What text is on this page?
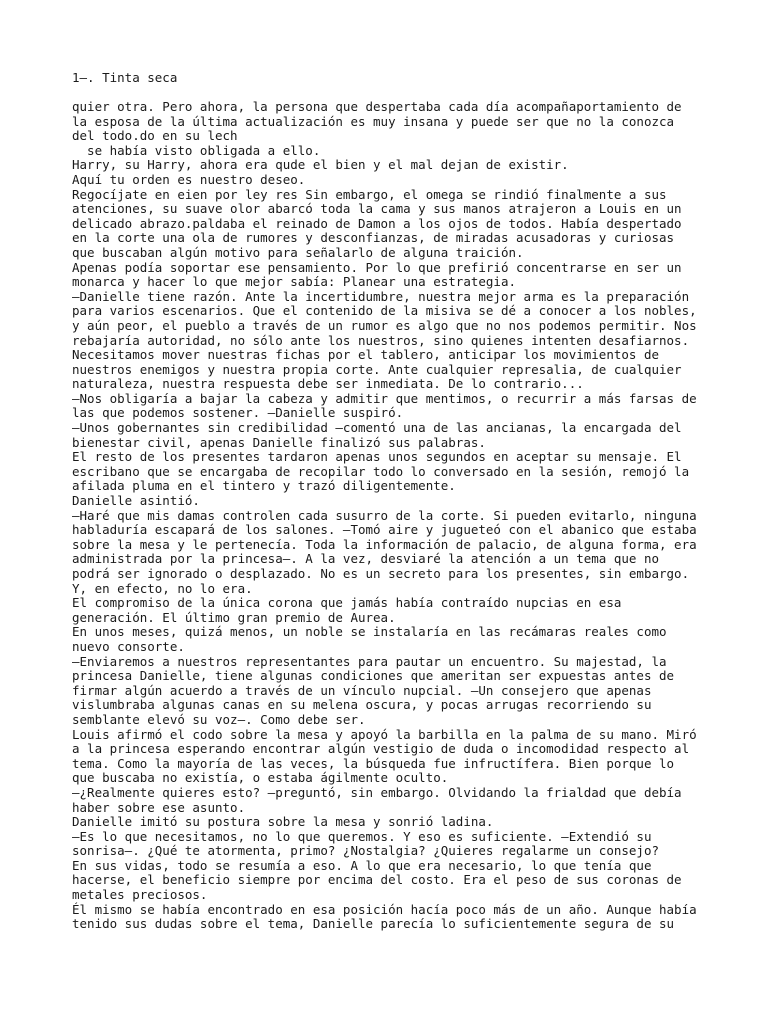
1—. Tinta seca
quier otra. Pero ahora, la persona que despertaba cada día acompañaportamiento de
la esposa de la última actualización es muy insana y puede ser que no la conozca
del todo.do en su lech
se había visto obligada a ello.
Harry, su Harry, ahora era qude el bien y el mal dejan de existir.
Aquí tu orden es nuestro deseo.
Regocíjate en eien por ley res Sin embargo, el omega se rindió finalmente a sus
atenciones, su suave olor abarcó toda la cama y sus manos atrajeron a Louis en un
delicado abrazo.paldaba el reinado de Damon a los ojos de todos. Había despertado
en la corte una ola de rumores y desconfianzas, de miradas acusadoras y curiosas
que buscaban algún motivo para señalarlo de alguna traición.
Apenas podía soportar ese pensamiento. Por lo que prefirió concentrarse en ser un
monarca y hacer lo que mejor sabía: Planear una estrategia.
—Danielle tiene razón. Ante la incertidumbre, nuestra mejor arma es la preparación
para varios escenarios. Que el contenido de la misiva se dé a conocer a los nobles,
y aún peor, el pueblo a través de un rumor es algo que no nos podemos permitir. Nos
rebajaría autoridad, no sólo ante los nuestros, sino quienes intenten desafiarnos.
Necesitamos mover nuestras fichas por el tablero, anticipar los movimientos de
nuestros enemigos y nuestra propia corte. Ante cualquier represalia, de cualquier
naturaleza, nuestra respuesta debe ser inmediata. De lo contrario...
—Nos obligaría a bajar la cabeza y admitir que mentimos, o recurrir a más farsas de
las que podemos sostener. —Danielle suspiró.
—Unos gobernantes sin credibilidad —comentó una de las ancianas, la encargada del
bienestar civil, apenas Danielle finalizó sus palabras.
El resto de los presentes tardaron apenas unos segundos en aceptar su mensaje. El
escribano que se encargaba de recopilar todo lo conversado en la sesión, remojó la
afilada pluma en el tintero y trazó diligentemente.
Danielle asintió.
—Haré que mis damas controlen cada susurro de la corte. Si pueden evitarlo, ninguna
habladuría escapará de los salones. —Tomó aire y jugueteó con el abanico que estaba
sobre la mesa y le pertenecía. Toda la información de palacio, de alguna forma, era
administrada por la princesa—. A la vez, desviaré la atención a un tema que no
podrá ser ignorado o desplazado. No es un secreto para los presentes, sin embargo.
Y, en efecto, no lo era.
El compromiso de la única corona que jamás había contraído nupcias en esa
generación. El último gran premio de Aurea.
En unos meses, quizá menos, un noble se instalaría en las recámaras reales como
nuevo consorte.
—Enviaremos a nuestros representantes para pautar un encuentro. Su majestad, la
princesa Danielle, tiene algunas condiciones que ameritan ser expuestas antes de
firmar algún acuerdo a través de un vínculo nupcial. —Un consejero que apenas
vislumbraba algunas canas en su melena oscura, y pocas arrugas recorriendo su
semblante elevó su voz—. Como debe ser.
Louis afirmó el codo sobre la mesa y apoyó la barbilla en la palma de su mano. Miró
a la princesa esperando encontrar algún vestigio de duda o incomodidad respecto al
tema. Como la mayoría de las veces, la búsqueda fue infructífera. Bien porque lo
que buscaba no existía, o estaba ágilmente oculto.
—¿Realmente quieres esto? —preguntó, sin embargo. Olvidando la frialdad que debía
haber sobre ese asunto.
Danielle imitó su postura sobre la mesa y sonrió ladina.
—Es lo que necesitamos, no lo que queremos. Y eso es suficiente. —Extendió su
sonrisa—. ¿Qué te atormenta, primo? ¿Nostalgia? ¿Quieres regalarme un consejo?
En sus vidas, todo se resumía a eso. A lo que era necesario, lo que tenía que
hacerse, el beneficio siempre por encima del costo. Era el peso de sus coronas de
metales preciosos.
Él mismo se había encontrado en esa posición hacía poco más de un año. Aunque había
tenido sus dudas sobre el tema, Danielle parecía lo suficientemente segura de su
